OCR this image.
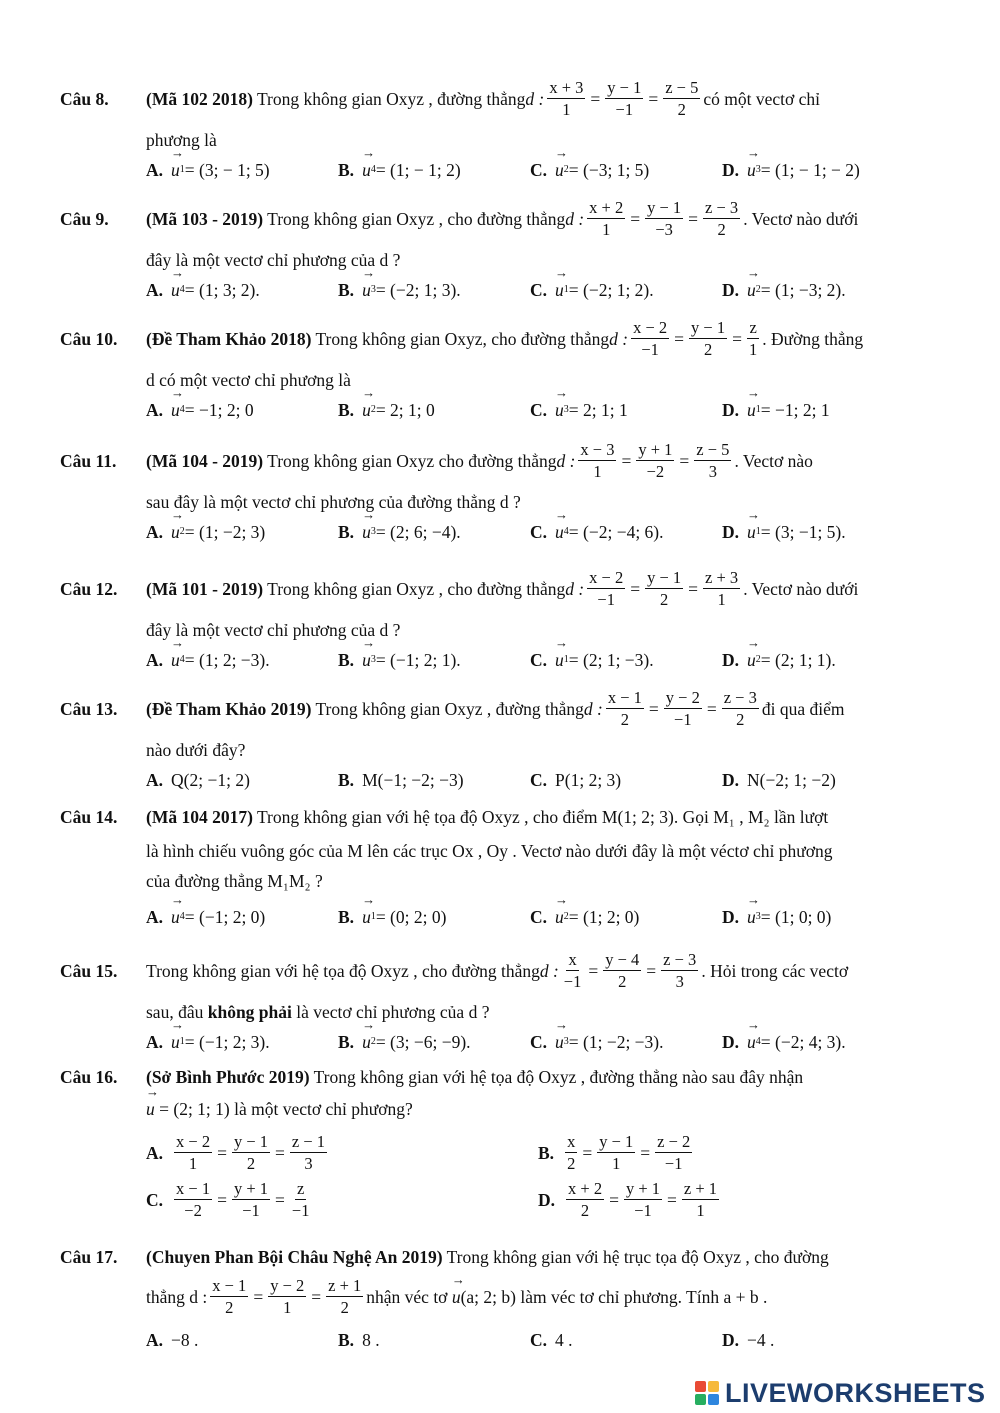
Câu 8.	(Mã 102 2018) Trong không gian Oxyz , đường thẳng d : $\frac{x + 3}{1} = \frac{y - 1}{-1} = \frac{z - 5}{2}$ có một vectơ chỉ
phương là
A. → u 1 = (3; − 1; 5)	B. → u 4 = (1; − 1; 2)	C. → u 2 = (−3; 1; 5)	D. → u 3 = (1; − 1; − 2)
Câu 9.	(Mã 103 - 2019) Trong không gian Oxyz , cho đường thẳng d : $\frac{x + 2}{1} = \frac{y - 1}{-3} = \frac{z - 3}{2}$ . Vectơ nào dưới
đây là một vectơ chỉ phương của d ?
A. → u 4 = (1; 3; 2).	B. → u 3 = (−2; 1; 3).	C. → u 1 = (−2; 1; 2).	D. → u 2 = (1; −3; 2).
Câu 10.	(Đề Tham Khảo 2018) Trong không gian Oxyz, cho đường thẳng d : $\frac{x - 2}{-1} = \frac{y - 1}{2} = \frac{z}{1}$ . Đường thẳng
d có một vectơ chỉ phương là
A. → u 4 = −1; 2; 0	B. → u 2 = 2; 1; 0	C. → u 3 = 2; 1; 1	D. → u 1 = −1; 2; 1
Câu 11.	(Mã 104 - 2019) Trong không gian Oxyz cho đường thẳng d : $\frac{x - 3}{1} = \frac{y + 1}{-2} = \frac{z - 5}{3}$ . Vectơ nào
sau đây là một vectơ chỉ phương của đường thẳng d ?
A. → u 2 = (1; −2; 3)	B. → u 3 = (2; 6; −4).	C. → u 4 = (−2; −4; 6).	D. → u 1 = (3; −1; 5).
Câu 12.	(Mã 101 - 2019) Trong không gian Oxyz , cho đường thẳng d : $\frac{x - 2}{-1} = \frac{y - 1}{2} = \frac{z + 3}{1}$ . Vectơ nào dưới
đây là một vectơ chỉ phương của d ?
A. → u 4 = (1; 2; −3).	B. → u 3 = (−1; 2; 1).	C. → u 1 = (2; 1; −3).	D. → u 2 = (2; 1; 1).
Câu 13.	(Đề Tham Khảo 2019) Trong không gian Oxyz , đường thẳng d : $\frac{x - 1}{2} = \frac{y - 2}{-1} = \frac{z - 3}{2}$ đi qua điểm
nào dưới đây?
A. Q(2; −1; 2)	B. M(−1; −2; −3)	C. P(1; 2; 3)	D. N(−2; 1; −2)
Câu 14.	(Mã 104 2017) Trong không gian với hệ tọa độ Oxyz , cho điểm M(1; 2; 3). Gọi M₁ , M₂ lần lượt
là hình chiếu vuông góc của M lên các trục Ox , Oy . Vectơ nào dưới đây là một véctơ chỉ phương
của đường thẳng M₁M₂ ?
A. → u 4 = (−1; 2; 0)	B. → u 1 = (0; 2; 0)	C. → u 2 = (1; 2; 0)	D. → u 3 = (1; 0; 0)
Câu 15.	Trong không gian với hệ tọa độ Oxyz , cho đường thẳng d : $\frac{x}{-1} = \frac{y - 4}{2} = \frac{z - 3}{3}$ . Hỏi trong các vectơ
sau, đâu không phải là vectơ chỉ phương của d ?
A. → u 1 = (−1; 2; 3).	B. → u 2 = (3; −6; −9).	C. → u 3 = (1; −2; −3).	D. → u 4 = (−2; 4; 3).
Câu 16.	(Sở Bình Phước 2019) Trong không gian với hệ tọa độ Oxyz , đường thẳng nào sau đây nhận
→ u = (2; 1; 1) là một vectơ chỉ phương?
A. $\frac{x - 2}{1} = \frac{y - 1}{2} = \frac{z - 1}{3}$	B. $\frac{x}{2} = \frac{y - 1}{1} = \frac{z - 2}{-1}$
C. $\frac{x - 1}{-2} = \frac{y + 1}{-1} = \frac{z}{-1}$	D. $\frac{x + 2}{2} = \frac{y + 1}{-1} = \frac{z + 1}{1}$
Câu 17.	(Chuyen Phan Bội Châu Nghệ An 2019) Trong không gian với hệ trục tọa độ Oxyz , cho đường
thẳng d : $\frac{x - 1}{2} = \frac{y - 2}{1} = \frac{z + 1}{2}$ nhận véc tơ → u (a; 2; b) làm véc tơ chỉ phương. Tính a + b .
A. −8 .	B. 8 .	C. 4 .	D. −4 .
LIVEWORKSHEETS
